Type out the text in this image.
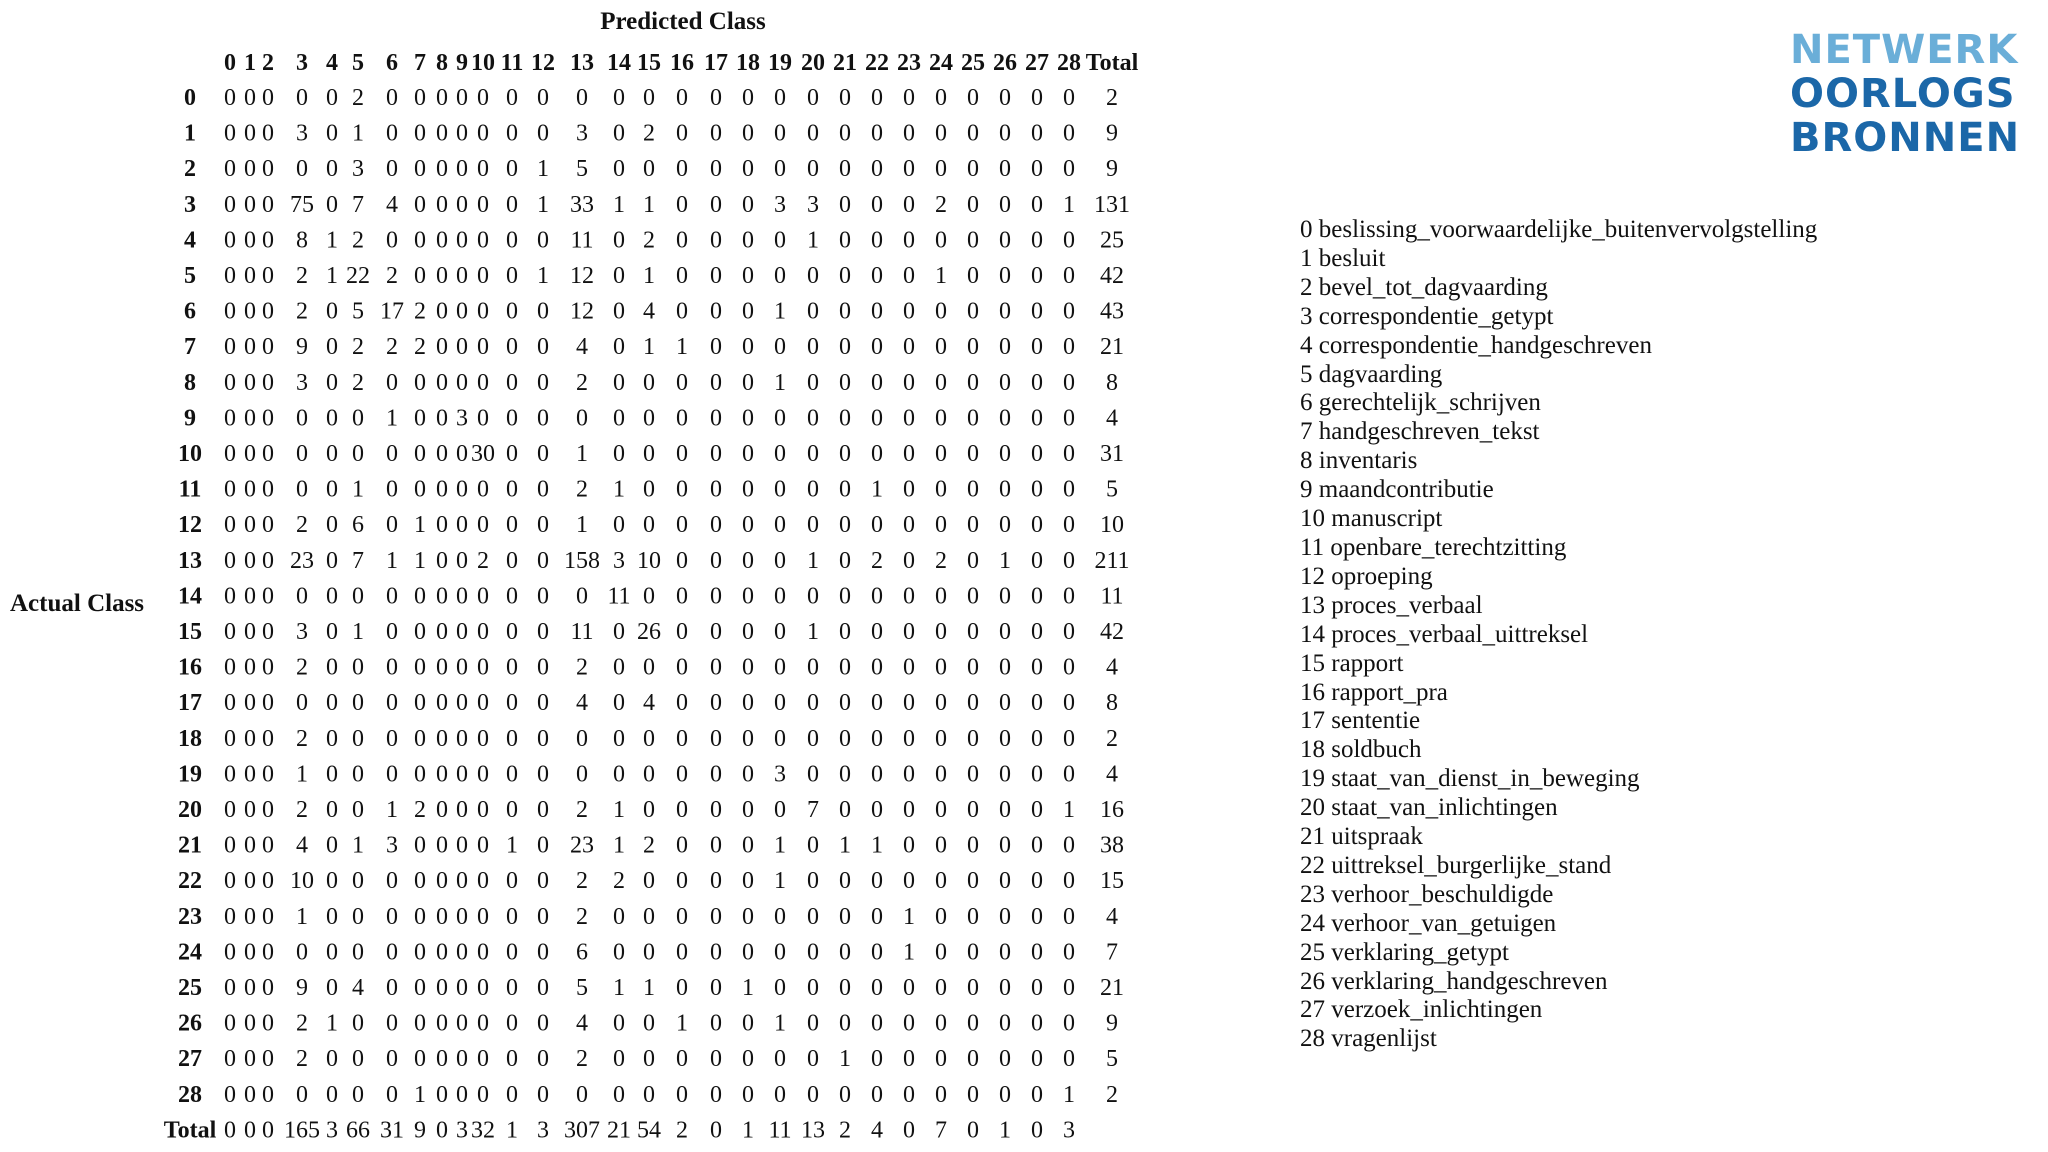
NETWERK
OORLOGS
BRONNEN
Predicted Class
Actual Class
0 1 2 3 4 5 6 7 8 9 10 11 12 13 14 15 16 17 18 19 20 21 22 23 24 25 26 27 28 Total
0 0 0 0 0 0 2 0 0 0 0 0 0 0 0 0 0 0 0 0 0 0 0 0 0 0 0 0 0 0 2
1 0 0 0 3 0 1 0 0 0 0 0 0 0 3 0 2 0 0 0 0 0 0 0 0 0 0 0 0 0 9
2 0 0 0 0 0 3 0 0 0 0 0 0 1 5 0 0 0 0 0 0 0 0 0 0 0 0 0 0 0 9
3 0 0 0 75 0 7 4 0 0 0 0 0 1 33 1 1 0 0 0 3 3 0 0 0 2 0 0 0 1 131
4 0 0 0 8 1 2 0 0 0 0 0 0 0 11 0 2 0 0 0 0 1 0 0 0 0 0 0 0 0 25
5 0 0 0 2 1 22 2 0 0 0 0 0 1 12 0 1 0 0 0 0 0 0 0 0 1 0 0 0 0 42
6 0 0 0 2 0 5 17 2 0 0 0 0 0 12 0 4 0 0 0 1 0 0 0 0 0 0 0 0 0 43
7 0 0 0 9 0 2 2 2 0 0 0 0 0 4 0 1 1 0 0 0 0 0 0 0 0 0 0 0 0 21
8 0 0 0 3 0 2 0 0 0 0 0 0 0 2 0 0 0 0 0 1 0 0 0 0 0 0 0 0 0 8
9 0 0 0 0 0 0 1 0 0 3 0 0 0 0 0 0 0 0 0 0 0 0 0 0 0 0 0 0 0 4
10 0 0 0 0 0 0 0 0 0 0 30 0 0 1 0 0 0 0 0 0 0 0 0 0 0 0 0 0 0 31
11 0 0 0 0 0 1 0 0 0 0 0 0 0 2 1 0 0 0 0 0 0 0 1 0 0 0 0 0 0 5
12 0 0 0 2 0 6 0 1 0 0 0 0 0 1 0 0 0 0 0 0 0 0 0 0 0 0 0 0 0 10
13 0 0 0 23 0 7 1 1 0 0 2 0 0 158 3 10 0 0 0 0 1 0 2 0 2 0 1 0 0 211
14 0 0 0 0 0 0 0 0 0 0 0 0 0 0 11 0 0 0 0 0 0 0 0 0 0 0 0 0 0 11
15 0 0 0 3 0 1 0 0 0 0 0 0 0 11 0 26 0 0 0 0 1 0 0 0 0 0 0 0 0 42
16 0 0 0 2 0 0 0 0 0 0 0 0 0 2 0 0 0 0 0 0 0 0 0 0 0 0 0 0 0 4
17 0 0 0 0 0 0 0 0 0 0 0 0 0 4 0 4 0 0 0 0 0 0 0 0 0 0 0 0 0 8
18 0 0 0 2 0 0 0 0 0 0 0 0 0 0 0 0 0 0 0 0 0 0 0 0 0 0 0 0 0 2
19 0 0 0 1 0 0 0 0 0 0 0 0 0 0 0 0 0 0 0 3 0 0 0 0 0 0 0 0 0 4
20 0 0 0 2 0 0 1 2 0 0 0 0 0 2 1 0 0 0 0 0 7 0 0 0 0 0 0 0 1 16
21 0 0 0 4 0 1 3 0 0 0 0 1 0 23 1 2 0 0 0 1 0 1 1 0 0 0 0 0 0 38
22 0 0 0 10 0 0 0 0 0 0 0 0 0 2 2 0 0 0 0 1 0 0 0 0 0 0 0 0 0 15
23 0 0 0 1 0 0 0 0 0 0 0 0 0 2 0 0 0 0 0 0 0 0 0 1 0 0 0 0 0 4
24 0 0 0 0 0 0 0 0 0 0 0 0 0 6 0 0 0 0 0 0 0 0 0 1 0 0 0 0 0 7
25 0 0 0 9 0 4 0 0 0 0 0 0 0 5 1 1 0 0 1 0 0 0 0 0 0 0 0 0 0 21
26 0 0 0 2 1 0 0 0 0 0 0 0 0 4 0 0 1 0 0 1 0 0 0 0 0 0 0 0 0 9
27 0 0 0 2 0 0 0 0 0 0 0 0 0 2 0 0 0 0 0 0 0 1 0 0 0 0 0 0 0 5
28 0 0 0 0 0 0 0 1 0 0 0 0 0 0 0 0 0 0 0 0 0 0 0 0 0 0 0 0 1 2
Total 0 0 0 165 3 66 31 9 0 3 32 1 3 307 21 54 2 0 1 11 13 2 4 0 7 0 1 0 3
0 beslissing_voorwaardelijke_buitenvervolgstelling
1 besluit
2 bevel_tot_dagvaarding
3 correspondentie_getypt
4 correspondentie_handgeschreven
5 dagvaarding
6 gerechtelijk_schrijven
7 handgeschreven_tekst
8 inventaris
9 maandcontributie
10 manuscript
11 openbare_terechtzitting
12 oproeping
13 proces_verbaal
14 proces_verbaal_uittreksel
15 rapport
16 rapport_pra
17 sententie
18 soldbuch
19 staat_van_dienst_in_beweging
20 staat_van_inlichtingen
21 uitspraak
22 uittreksel_burgerlijke_stand
23 verhoor_beschuldigde
24 verhoor_van_getuigen
25 verklaring_getypt
26 verklaring_handgeschreven
27 verzoek_inlichtingen
28 vragenlijst
